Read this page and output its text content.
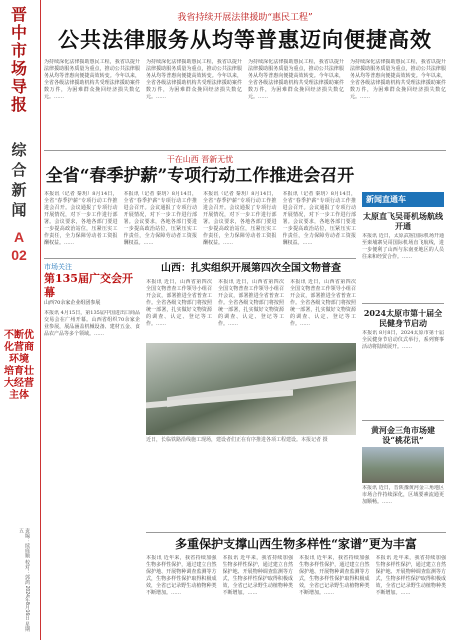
晋中市场导报
综合新闻
A
02
不断优化营商环境 培育壮大经营主体
责编：续庭顺 校对：郭鸿 2024年8月16日 星期五
我省持续开展法律援助“惠民工程”
公共法律服务从均等普惠迈向便捷高效
为持续深化法律援助惠民工程，我省以提升法律援助服务质量为重点，推动公共法律服务从均等普惠向便捷高效转变。今年以来，全省各级法律援助机构共受理法律援助案件数万件，为困难群众挽回经济损失数亿元。……
为持续深化法律援助惠民工程，我省以提升法律援助服务质量为重点，推动公共法律服务从均等普惠向便捷高效转变。今年以来，全省各级法律援助机构共受理法律援助案件数万件，为困难群众挽回经济损失数亿元。……
为持续深化法律援助惠民工程，我省以提升法律援助服务质量为重点，推动公共法律服务从均等普惠向便捷高效转变。今年以来，全省各级法律援助机构共受理法律援助案件数万件，为困难群众挽回经济损失数亿元。……
为持续深化法律援助惠民工程，我省以提升法律援助服务质量为重点，推动公共法律服务从均等普惠向便捷高效转变。今年以来，全省各级法律援助机构共受理法律援助案件数万件，为困难群众挽回经济损失数亿元。……
干在山西 晋新无忧
全省“春季护薪”专项行动工作推进会召开
本报讯（记者 秦玥）8月14日，全省“春季护薪”专项行动工作推进会召开。会议通报了专项行动开展情况，对下一步工作进行部署。会议要求，各地各部门要进一步提高政治站位，压紧压实工作责任，全力保障劳动者工资报酬权益。……
本报讯（记者 秦玥）8月14日，全省“春季护薪”专项行动工作推进会召开。会议通报了专项行动开展情况，对下一步工作进行部署。会议要求，各地各部门要进一步提高政治站位，压紧压实工作责任，全力保障劳动者工资报酬权益。……
本报讯（记者 秦玥）8月14日，全省“春季护薪”专项行动工作推进会召开。会议通报了专项行动开展情况，对下一步工作进行部署。会议要求，各地各部门要进一步提高政治站位，压紧压实工作责任，全力保障劳动者工资报酬权益。……
本报讯（记者 秦玥）8月14日，全省“春季护薪”专项行动工作推进会召开。会议通报了专项行动开展情况，对下一步工作进行部署。会议要求，各地各部门要进一步提高政治站位，压紧压实工作责任，全力保障劳动者工资报酬权益。……
市场关注
第135届广交会开幕
山西70余家企业组团参展
本报讯 4月15日，第135届中国进出口商品交易会在广州开幕。山西省组织70余家企业参展，展品涵盖机械设备、建材五金、食品农产品等多个领域。……
山西：扎实组织开展第四次全国文物普查
本报讯 近日，山西省第四次全国文物普查工作领导小组召开会议，部署推进全省普查工作。全省各级文物部门将按照统一部署，扎实做好文物资源的调查、认定、登记等工作。……
本报讯 近日，山西省第四次全国文物普查工作领导小组召开会议，部署推进全省普查工作。全省各级文物部门将按照统一部署，扎实做好文物资源的调查、认定、登记等工作。……
本报讯 近日，山西省第四次全国文物普查工作领导小组召开会议，部署推进全省普查工作。全省各级文物部门将按照统一部署，扎实做好文物资源的调查、认定、登记等工作。……
近日，长临铁路沿线施工现场，建设者们正在有序推进各项工程建设。本报记者 摄
新闻直通车
太原直飞吴哥机场航线开通
本报讯 近日，太原武宿国际机场开通至柬埔寨吴哥国际机场直飞航线，进一步便利了山西与东南亚地区的人员往来和经贸合作。……
2024太原市第十届全民健身节启动
本报讯 8月8日，2024太原市第十届全民健身节启动仪式举行，系列赛事活动将陆续展开。……
黄河金三角市场建设“桃花讯”
本报讯 近日，晋陕豫黄河金三角地区市场合作持续深化，区域要素流通更加顺畅。……
多重保护支撑山西生物多样性“家谱”更为丰富
本报讯 近年来，我省持续加强生物多样性保护，通过建立自然保护地、开展物种调查监测等方式，生物多样性保护取得积极成效，全省已记录野生动植物种类不断增加。……
本报讯 近年来，我省持续加强生物多样性保护，通过建立自然保护地、开展物种调查监测等方式，生物多样性保护取得积极成效，全省已记录野生动植物种类不断增加。……
本报讯 近年来，我省持续加强生物多样性保护，通过建立自然保护地、开展物种调查监测等方式，生物多样性保护取得积极成效，全省已记录野生动植物种类不断增加。……
本报讯 近年来，我省持续加强生物多样性保护，通过建立自然保护地、开展物种调查监测等方式，生物多样性保护取得积极成效，全省已记录野生动植物种类不断增加。……
